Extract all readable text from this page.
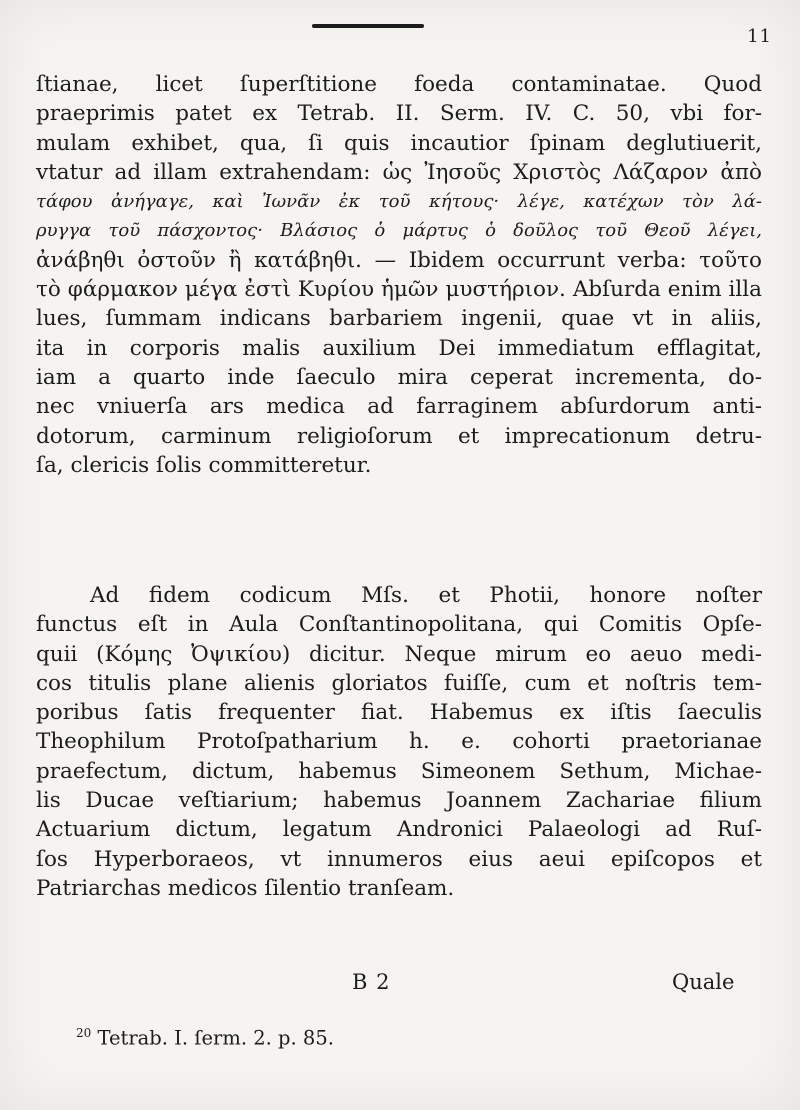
11
ſtianae, licet ſuperſtitione foeda contaminatae. Quod
praeprimis patet ex Tetrab. II. Serm. IV. C. 50, vbi for-
mulam exhibet, qua, ſi quis incautior ſpinam deglutiuerit,
vtatur ad illam extrahendam: ὡς Ἰησοῦς Χριστὸς Λάζαρον ἀπὸ
τάφου ἀνήγαγε, καὶ Ἰωνᾶν ἐκ τοῦ κήτους· λέγε, κατέχων τὸν λά-
ρυγγα τοῦ πάσχοντος· Βλάσιος ὁ μάρτυς ὁ δοῦλος τοῦ Θεοῦ λέγει,
ἀνάβηθι ὀστοῦν ἢ κατάβηθι. — Ibidem occurrunt verba: τοῦτο
τὸ φάρμακον μέγα ἐστὶ Κυρίου ἡμῶν μυστήριον. Abſurda enim illa
lues, ſummam indicans barbariem ingenii, quae vt in aliis,
ita in corporis malis auxilium Dei immediatum efflagitat,
iam a quarto inde ſaeculo mira ceperat incrementa, do-
nec vniuerſa ars medica ad farraginem abſurdorum anti-
dotorum, carminum religioſorum et imprecationum detru-
ſa, clericis ſolis committeretur.
Ad fidem codicum Mſs. et Photii, honore noſter
functus eſt in Aula Conſtantinopolitana, qui Comitis Opſe-
quii (Κόμης Ὀψικίου) dicitur. Neque mirum eo aeuo medi-
cos titulis plane alienis gloriatos fuiſſe, cum et noſtris tem-
poribus ſatis frequenter fiat. Habemus ex iſtis ſaeculis
Theophilum Protoſpatharium h. e. cohorti praetorianae
praefectum, dictum, habemus Simeonem Sethum, Michae-
lis Ducae veſtiarium; habemus Joannem Zachariae filium
Actuarium dictum, legatum Andronici Palaeologi ad Ruſ-
ſos Hyperboraeos, vt innumeros eius aeui epiſcopos et
Patriarchas medicos ſilentio tranſeam.
B 2	Quale
$^{20}$ Tetrab. I. ſerm. 2. p. 85.
